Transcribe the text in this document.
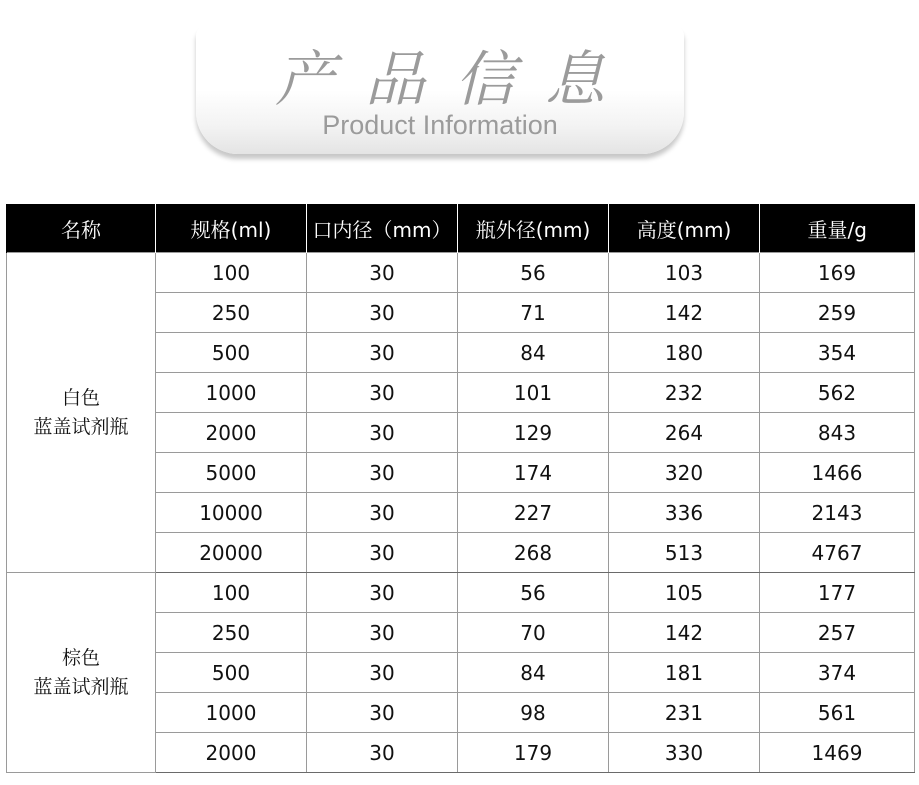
产品信息
Product Information
名称	规格(ml)	口内径（mm）	瓶外径(mm)	高度(mm)	重量/g

白色
蓝盖试剂瓶	100	30	56	103	169
	250	30	71	142	259
	500	30	84	180	354
	1000	30	101	232	562
	2000	30	129	264	843
	5000	30	174	320	1466
	10000	30	227	336	2143
	20000	30	268	513	4767

棕色
蓝盖试剂瓶	100	30	56	105	177
	250	30	70	142	257
	500	30	84	181	374
	1000	30	98	231	561
	2000	30	179	330	1469
